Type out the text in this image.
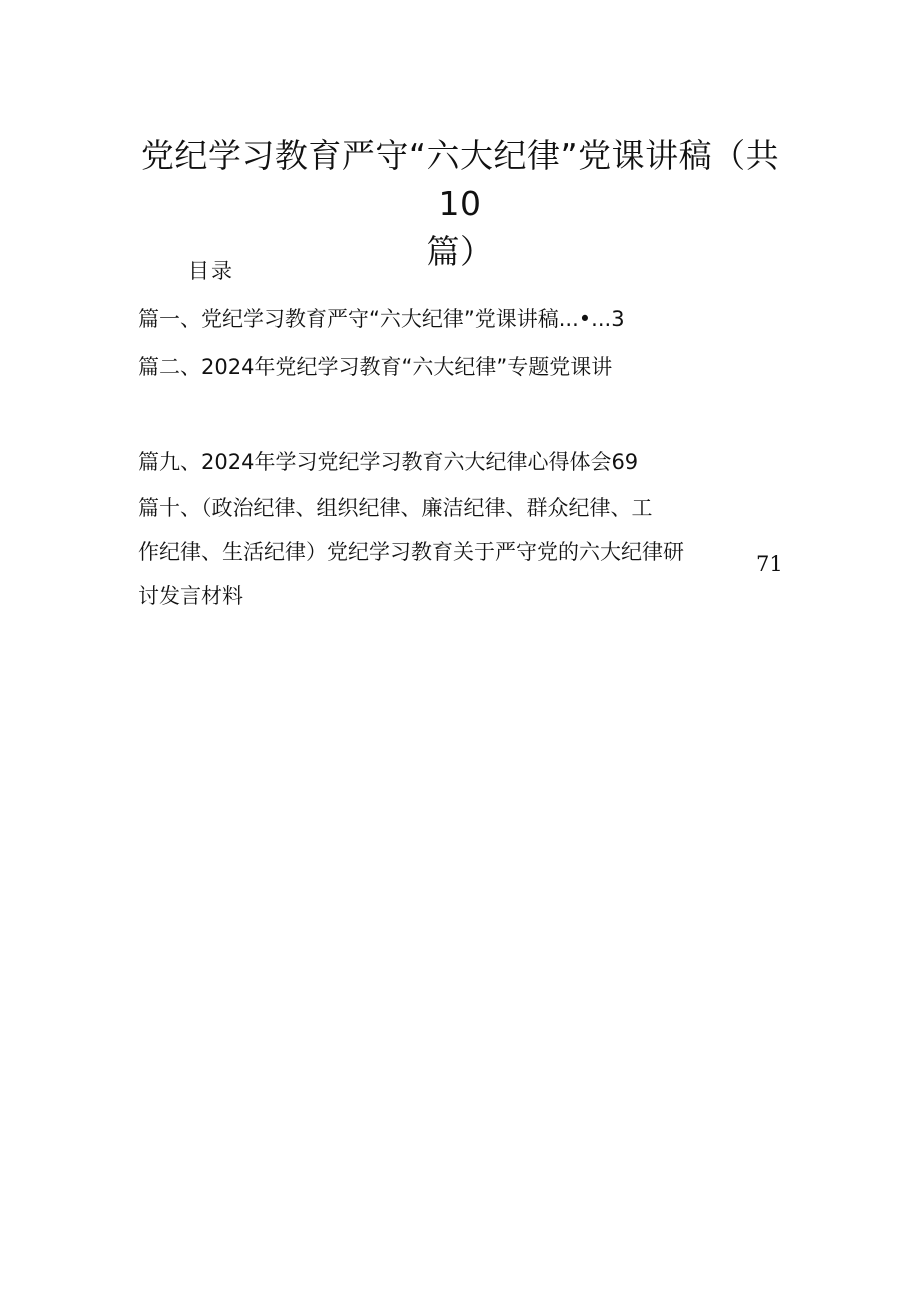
党纪学习教育严守“六大纪律”党课讲稿（共10
篇）
目录
篇一、党纪学习教育严守“六大纪律”党课讲稿...•...3
篇二、2024年党纪学习教育“六大纪律”专题党课讲
篇九、2024年学习党纪学习教育六大纪律心得体会69
篇十、（政治纪律、组织纪律、廉洁纪律、群众纪律、工
作纪律、生活纪律）党纪学习教育关于严守党的六大纪律研
讨发言材料
71
